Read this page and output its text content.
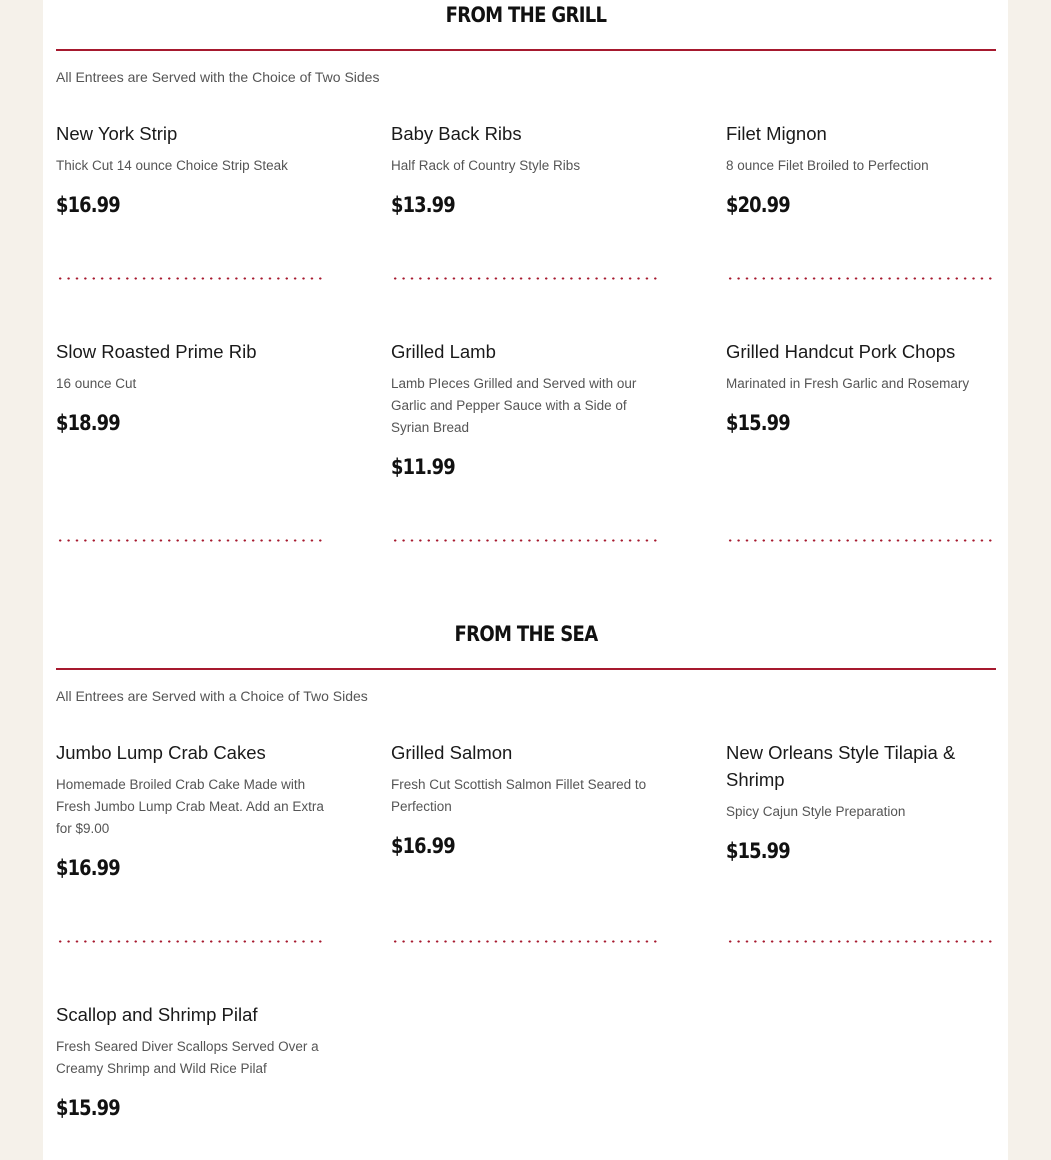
FROM THE GRILL
All Entrees are Served with the Choice of Two Sides
New York Strip
Thick Cut 14 ounce Choice Strip Steak
$16.99
Baby Back Ribs
Half Rack of Country Style Ribs
$13.99
Filet Mignon
8 ounce Filet Broiled to Perfection
$20.99
Slow Roasted Prime Rib
16 ounce Cut
$18.99
Grilled Lamb
Lamb PIeces Grilled and Served with our Garlic and Pepper Sauce with a Side of Syrian Bread
$11.99
Grilled Handcut Pork Chops
Marinated in Fresh Garlic and Rosemary
$15.99
FROM THE SEA
All Entrees are Served with a Choice of Two Sides
Jumbo Lump Crab Cakes
Homemade Broiled Crab Cake Made with Fresh Jumbo Lump Crab Meat. Add an Extra for $9.00
$16.99
Grilled Salmon
Fresh Cut Scottish Salmon Fillet Seared to Perfection
$16.99
New Orleans Style Tilapia & Shrimp
Spicy Cajun Style Preparation
$15.99
Scallop and Shrimp Pilaf
Fresh Seared Diver Scallops Served Over a Creamy Shrimp and Wild Rice Pilaf
$15.99
